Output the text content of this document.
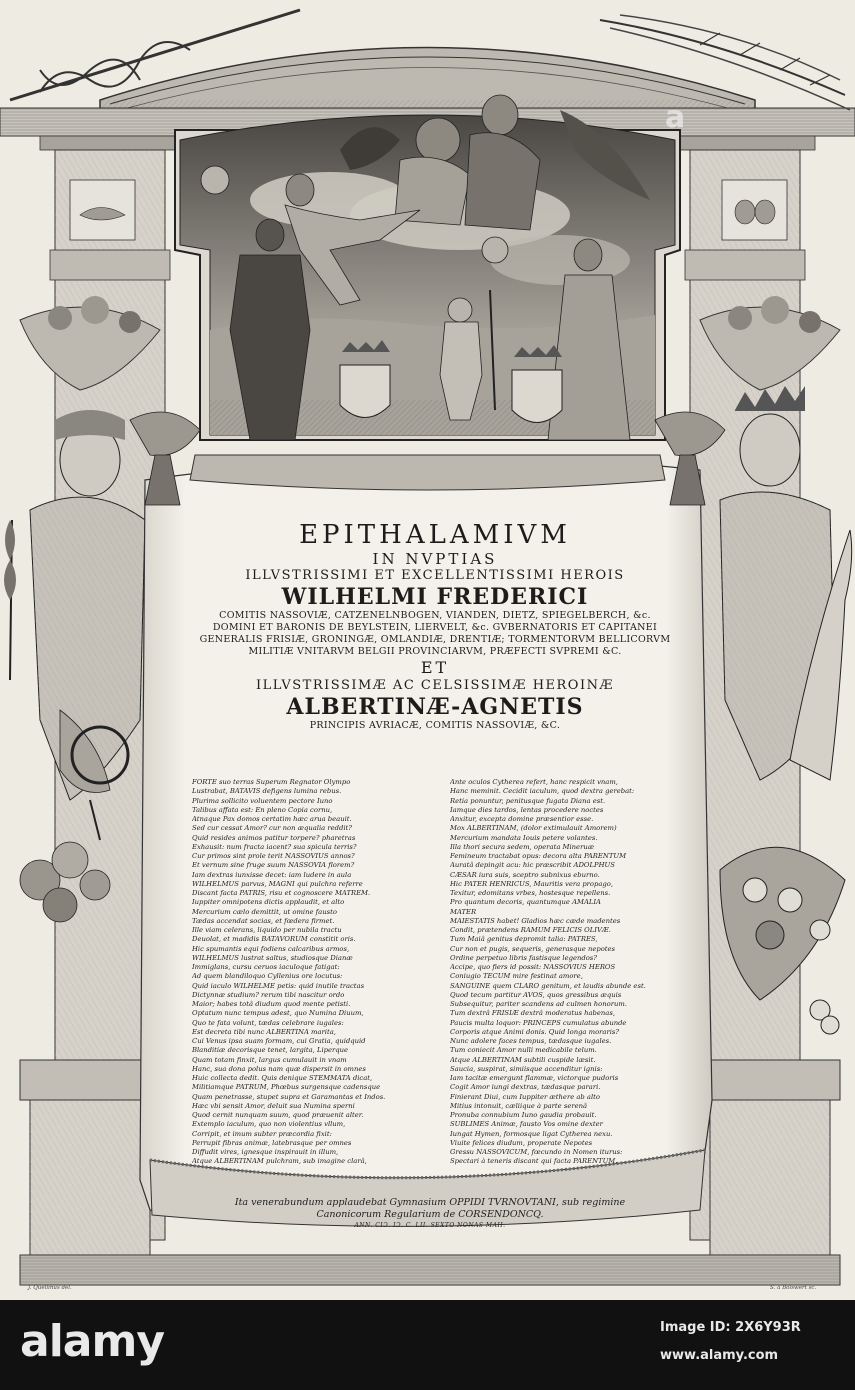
EPITHALAMIVM
IN NVPTIAS
ILLVSTRISSIMI ET EXCELLENTISSIMI HEROIS
WILHELMI FREDERICI
COMITIS NASSOVIÆ, CATZENELNBOGEN, VIANDEN, DIETZ, SPIEGELBERCH, &c.
DOMINI ET BARONIS DE BEYLSTEIN, LIERVELT, &c. GVBERNATORIS ET CAPITANEI
GENERALIS FRISIÆ, GRONINGÆ, OMLANDIÆ, DRENTIÆ; TORMENTORVM BELLICORVM
MILITIÆ VNITARVM BELGII PROVINCIARVM, PRÆFECTI SVPREMI &C.
ET
ILLVSTRISSIMÆ AC CELSISSIMÆ HEROINÆ
ALBERTINÆ-AGNETIS
PRINCIPIS AVRIACÆ, COMITIS NASSOVIÆ, &C.
FORTE suo terras Superum Regnator Olympo
Lustrabat, BATAVIS defigens lumina rebus.
Plurima sollicito voluentem pectore Iuno
Talibus affata est: En pleno Copia cornu,
Atnaque Pax domos certatim hæc arua beauit.
Sed cur cessat Amor? cur non æqualia reddit?
Quid resides animos patitur torpere? pharetras
Exhausit: num fracta iacent? sua spicula terris?
Cur primos sint prole terit NASSOVIUS annos?
Et vernum sine fruge suum NASSOVIA florem?
Iam dextras iunxisse decet: iam ludere in aula
WILHELMUS parvus, MAGNI qui pulchra referre
Discant facta PATRIS, risu et cognoscere MATREM.
Iuppiter omnipotens dictis applaudit, et alto
Mercurium cælo demittit, ut omine fausto
Tædas accendat socias, et fœdera firmet.
Ille viam celerans, liquido per nubila tractu
Deuolat, et madidis BATAVORUM constitit oris.
Hic spumantis equi fodiens calcaribus armos,
WILHELMUS lustrat saltus, studiosque Dianæ
Immiglans, cursu ceruos iaculoque fatigat:
Ad quem blandiloquo Cyllenius ore locutus:
Quid iaculo WILHELME petis: quid inutile tractas
Dictynnæ studium? rerum tibi nascitur ordo
Maior; habes totâ diudum quod mente petisti.
Optatum nunc tempus adest, quo Numina Diuum,
Quo te fata volunt, tædas celebrare iugales:
Est decreta tibi nunc ALBERTINA marita,
Cui Venus ipsa suam formam, cui Gratia, quidquid
Blanditiæ decorisque tenet, largita, Liperque
Quam totam finxit, largus cumulauit in vnam
Hanc, sua dona polus nam quæ dispersit in omnes
Huic collecta dedit. Quis denique STEMMATA dicat,
Militiamque PATRUM, Phœbus surgensque cadensque
Quam penetrasse, stupet supra et Garamantas et Indos.
Hæc vbi sensit Amor, deluit sua Numina sperni
Quod cernit nunquam suum, quod præuenit alter.
Extemplo iaculum, quo non violentius vllum,
Corripit, et imum subter præcordia fixit:
Perrupit fibras animæ, latebrasque per omnes
Diffudit vires, ignesque inspirauit in illum,
Atque ALBERTINAM pulchram, sub imagine clarâ,
Ante oculos Cytherea refert, hanc respicit vnam,
Hanc meminit. Cecidit iaculum, quod dextra gerebat:
Retia ponuntur, penitusque fugata Diana est.
Iamque dies tardos, lentas procedere noctes
Anxitur, excepta domine præsentior esse.
Mox ALBERTINAM, (dolor extimulauit Amorem)
Mercurium mandata Iouis petere volantes.
Illa thori secura sedem, operata Mineruæ
Femineum tractabat opus: decora alta PARENTUM
Auratâ depingit acu: hic præscribit ADOLPHUS
CÆSAR iura suis, sceptro subnixus eburno.
Hic PATER HENRICUS, Mauritis vera propago,
Texitur, edomitans vrbes, hostesque repellens.
Pro quantum decoris, quantumque AMALIA
MATER
MAIESTATIS habet! Gladios hæc cæde madentes
Condit, prætendens RAMUM FELICIS OLIVÆ.
Tum Maiâ genitus depromit talia: PATRES,
Cur non et pugis, sequeris, generasque nepotes
Ordine perpetuo libris fastisque legendos?
Accipe, quo fiers id possit: NASSOVIUS HEROS
Coniugio TECUM mire festinat amore,
SANGUINE quem CLARO genitum, et laudis abunde est.
Quod tecum partitur AVOS, quos gressibus æquis
Subsequitur, pariter scandens ad culmen honorum.
Tum dextrâ FRISIÆ dextrâ moderatus habenas,
Paucis multa loquor: PRINCEPS cumulatus abunde
Corporis atque Animi donis. Quid longa moraris?
Nunc adolere faces tempus, tædasque iugales.
Tum coniecit Amor nulli medicabile telum.
Atque ALBERTINAM subtili cuspide læsit.
Saucia, suspirat, simiisque accenditur ignis:
Iam tacitæ emergunt flammæ, victorque pudoris
Cogit Amor iungi dextras, tædasque parari.
Finierant Diui, cum Iuppiter æthere ab alto
Mitius intonuit, cæliique à parte serenâ
Pronuba connubium Iuno gaudia probauit.
SUBLIMES Animæ, fausto Vos omine dexter
Iungat Hymen, formosque ligat Cytherea nexu.
Viuite felices diudum, properate Nepotes
Gressu NASSOVICUM, fœcundo in Nomen iturus:
Spectari à teneris discant qui facta PARENTUM.
Ita venerabundum applaudebat Gymnasium OPPIDI TVRNOVTANI, sub regimine
Canonicorum Regularium de CORSENDONCQ.
ANN. CIƆ. IƆ. C. LII. SEXTO NONAS MAII.
J. Quellinus del.	S. a Bolswert sc.
a
alamy	Image ID: 2X6Y93R
www.alamy.com
